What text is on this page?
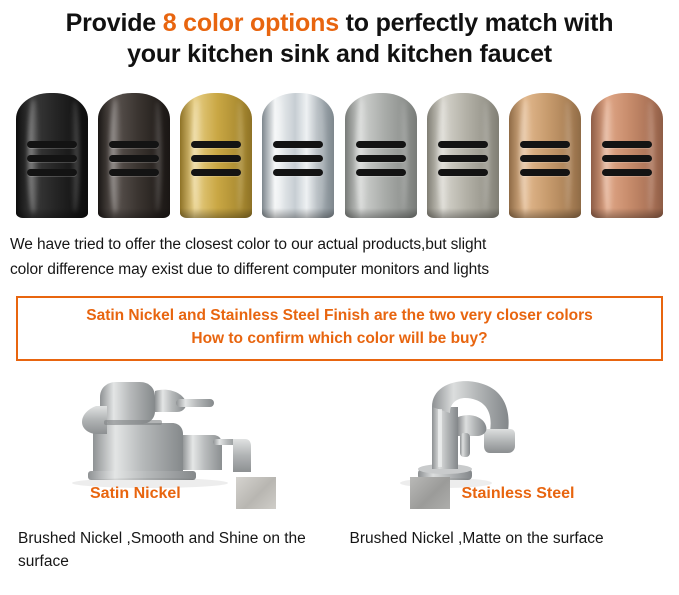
Provide 8 color options to perfectly match with
your kitchen sink and kitchen faucet
We have tried to offer the closest color to our actual products,but slight
color difference may exist due to different computer monitors and lights
Satin Nickel and Stainless Steel Finish are the two very closer colors
How to confirm which color will be buy?
Satin Nickel
Brushed Nickel ,Smooth and Shine on the surface
Stainless Steel
Brushed Nickel ,Matte on the surface
